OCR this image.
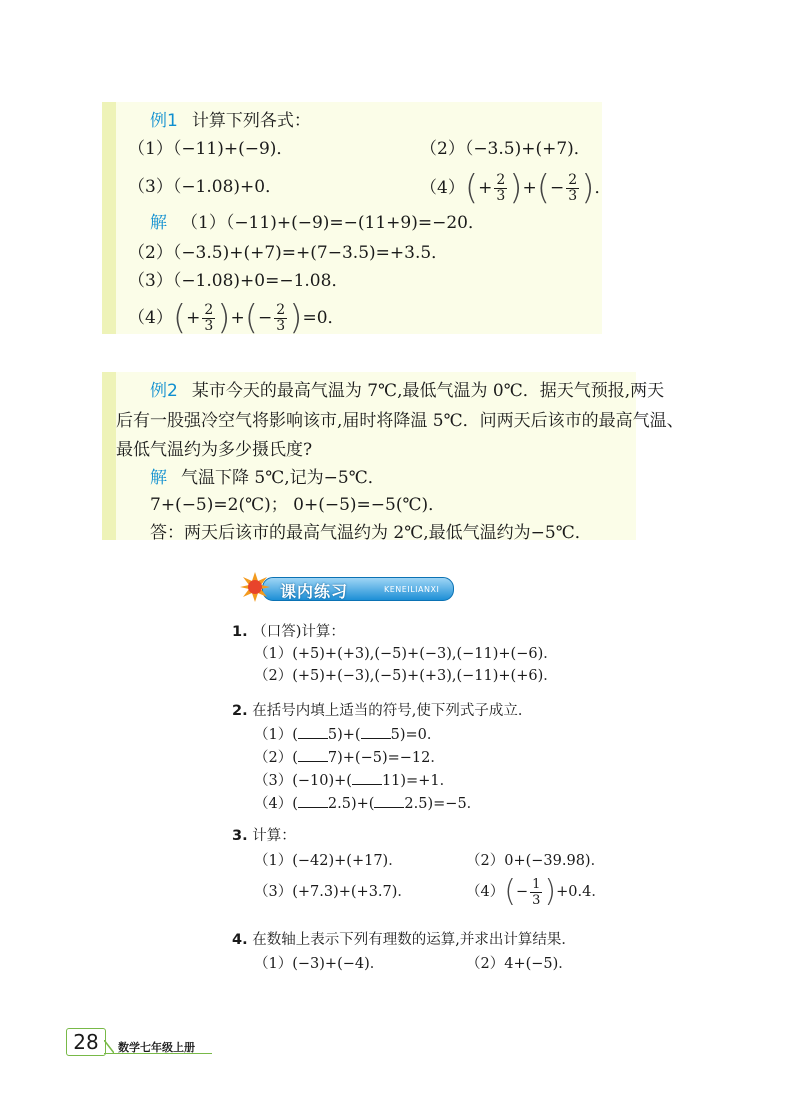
例1 计算下列各式：
（1）（−11)+(−9)．	（2）（−3.5)+(+7)．
（3）（−1.08)+0．	（4） ( + $\frac{2}{3}$ ) + ( − $\frac{2}{3}$ ) ．
解 （1）（−11)+(−9)=−(11+9)=−20．
（2）（−3.5)+(+7)=+(7−3.5)=+3.5．
（3）（−1.08)+0=−1.08．
（4） ( + $\frac{2}{3}$ ) + ( − $\frac{2}{3}$ ) =0．
例2 某市今天的最高气温为 7℃,最低气温为 0℃．据天气预报,两天
后有一股强冷空气将影响该市,届时将降温 5℃．问两天后该市的最高气温、
最低气温约为多少摄氏度?
解 气温下降 5℃,记为−5℃．
7+(−5)=2(℃)； 0+(−5)=−5(℃)．
答：两天后该市的最高气温约为 2℃,最低气温约为−5℃．
课内练习	KENEILIANXI
1. （口答)计算：
（1）(+5)+(+3),(−5)+(−3),(−11)+(−6)．
（2）(+5)+(−3),(−5)+(+3),(−11)+(+6)．
2. 在括号内填上适当的符号,使下列式子成立．
（1）( 5)+( 5)=0．
（2）( 7)+(−5)=−12．
（3）(−10)+( 11)=+1．
（4）( 2.5)+( 2.5)=−5．
3. 计算：
（1）(−42)+(+17)．	（2）0+(−39.98)．
（3）(+7.3)+(+3.7)．	（4） ( − $\frac{1}{3}$ ) +0.4．
4. 在数轴上表示下列有理数的运算,并求出计算结果．
（1）(−3)+(−4)．	（2）4+(−5)．
28	数学七年级上册
